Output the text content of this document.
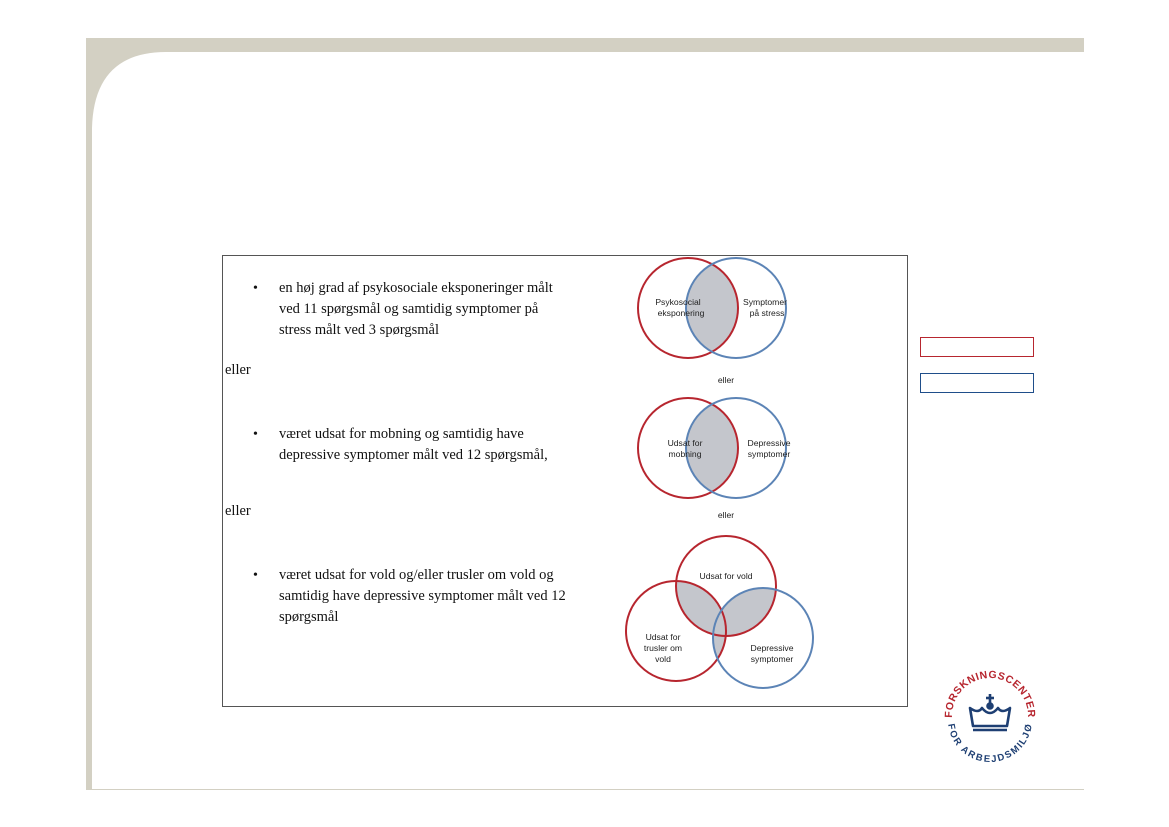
•	en høj grad af psykosociale eksponeringer målt ved 11 spørgsmål og samtidig symptomer på stress målt ved 3 spørgsmål
eller
•	været udsat for mobning og samtidig have depressive symptomer målt ved 12 spørgsmål,
eller
•	været udsat for vold og/eller trusler om vold og samtidig have depressive symptomer målt ved 12 spørgsmål
Psykosocial
eksponering
Symptomer
på stress
eller
Udsat for
mobning
Depressive
symptomer
eller
Udsat for vold
Udsat for
trusler om
vold
Depressive
symptomer
FORSKNINGSCENTER
FOR ARBEJDSMILJØ
